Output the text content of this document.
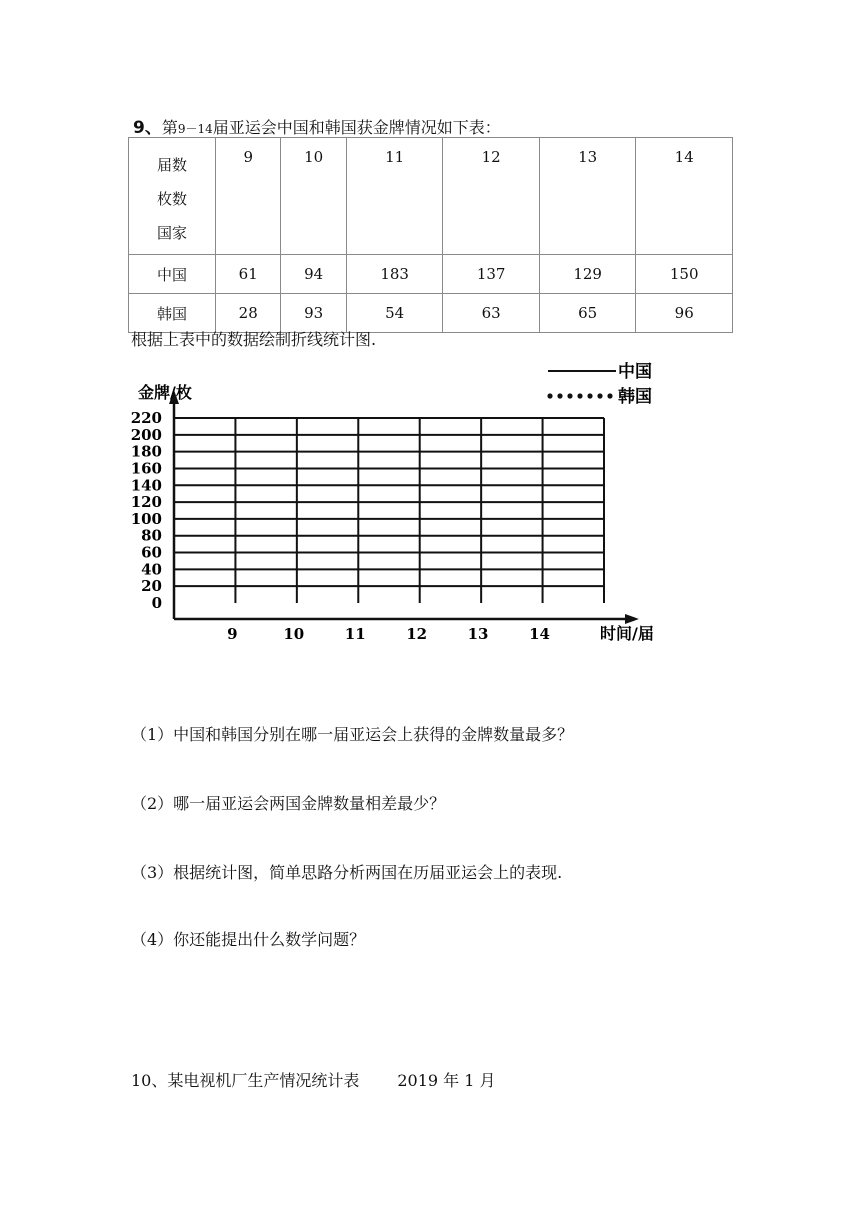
9、第9－14届亚运会中国和韩国获金牌情况如下表：
届数
枚数
国家	9	10	11	12	13	14
中国	61	94	183	137	129	150
韩国	28	93	54	63	65	96
根据上表中的数据绘制折线统计图.
0
20
40
60
80
100
120
140
160
180
200
220
9	10	11	12	13	14
金牌/枚
时间/届
中国
韩国
（1）中国和韩国分别在哪一届亚运会上获得的金牌数量最多？
（2）哪一届亚运会两国金牌数量相差最少？
（3）根据统计图，简单思路分析两国在历届亚运会上的表现.
（4）你还能提出什么数学问题？
10、某电视机厂生产情况统计表 2019 年 1 月
